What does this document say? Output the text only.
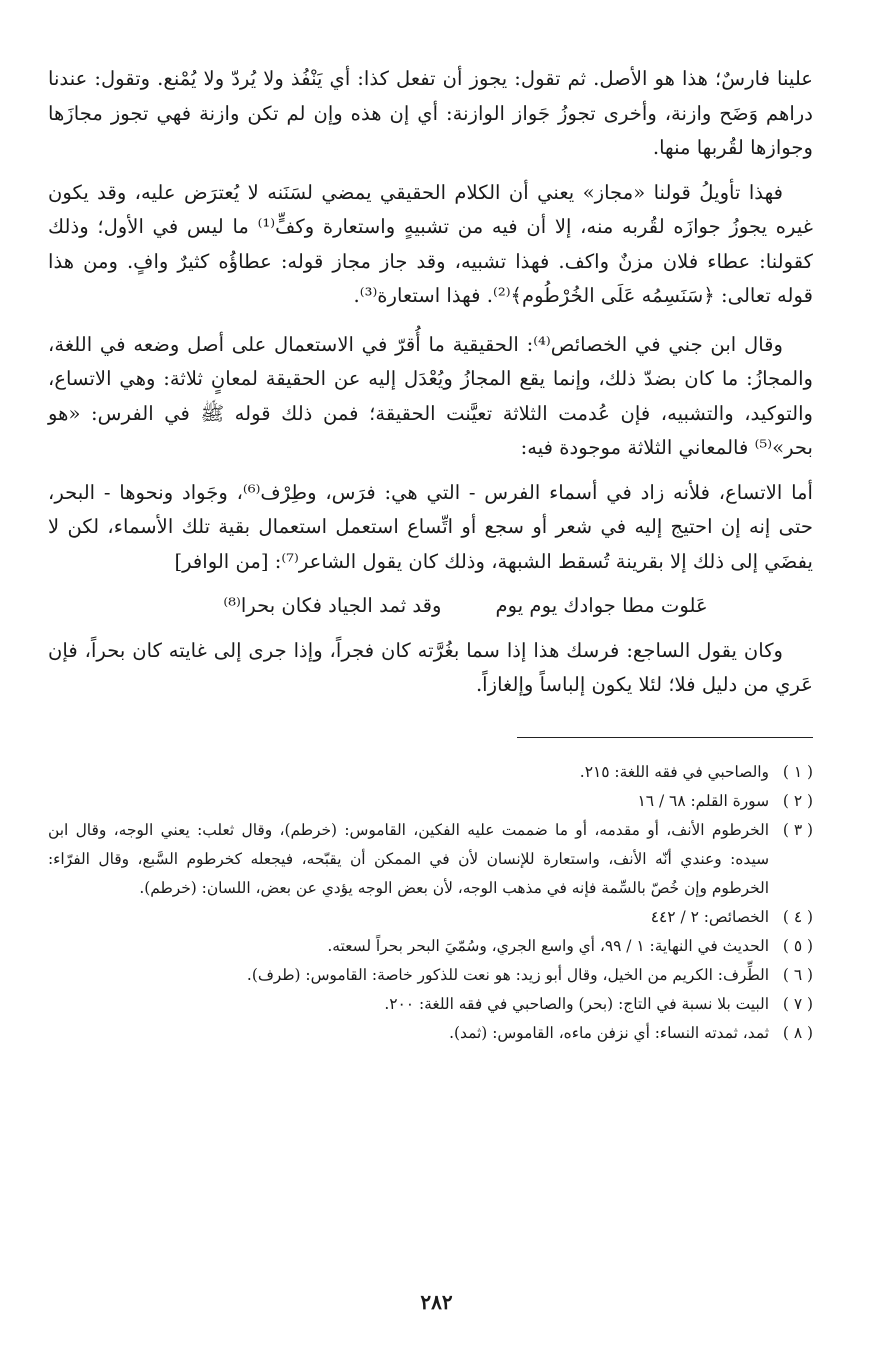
علينا فارسٌ؛ هذا هو الأصل. ثم تقول: يجوز أن تفعل كذا: أي يَنْفُذ ولا يُردّ ولا يُمْنع. وتقول: عندنا دراهم وَضَح وازنة، وأخرى تجوزُ جَواز الوازنة: أي إن هذه وإن لم تكن وازنة فهي تجوز مجازَها وجوازها لقُربها منها.

فهذا تأويلُ قولنا «مجاز» يعني أن الكلام الحقيقي يمضي لسَنَنه لا يُعترَض عليه، وقد يكون غيره يجوزُ جوازَه لقُربه منه، إلا أن فيه من تشبيهٍ واستعارة وكفٍّ⁽¹⁾ ما ليس في الأول؛ وذلك كقولنا: عطاء فلان مزنٌ واكف. فهذا تشبيه، وقد جاز مجاز قوله: عطاؤُه كثيرٌ وافٍ. ومن هذا قوله تعالى: ﴿سَنَسِمُه عَلَى الخُرْطُوم﴾⁽²⁾. فهذا استعارة⁽³⁾.

وقال ابن جني في الخصائص⁽⁴⁾: الحقيقية ما أُقرّ في الاستعمال على أصل وضعه في اللغة، والمجازُ: ما كان بضدّ ذلك، وإنما يقع المجازُ ويُعْدَل إليه عن الحقيقة لمعانٍ ثلاثة: وهي الاتساع، والتوكيد، والتشبيه، فإن عُدمت الثلاثة تعيَّنت الحقيقة؛ فمن ذلك قوله ﷺ في الفرس: «هو بحر»⁽⁵⁾ فالمعاني الثلاثة موجودة فيه:

أما الاتساع، فلأنه زاد في أسماء الفرس - التي هي: فرَس، وطِرْف⁽⁶⁾، وجَواد ونحوها - البحر، حتى إنه إن احتيج إليه في شعر أو سجع أو اتِّساع استعمل استعمال بقية تلك الأسماء، لكن لا يفضَي إلى ذلك إلا بقرينة تُسقط الشبهة، وذلك كان يقول الشاعر⁽⁷⁾: [من الوافر]

عَلوت مطا جوادك يوم يوم
وقد ثمد الجياد فكان بحرا⁽⁸⁾

وكان يقول الساجع: فرسك هذا إذا سما بغُرَّته كان فجراً، وإذا جرى إلى غايته كان بحراً، فإن عَري من دليل فلا؛ لئلا يكون إلباساً وإلغازاً.

( ١ )
والصاحبي في فقه اللغة: ٢١٥.
( ٢ )
سورة القلم: ٦٨ / ١٦
( ٣ )
الخرطوم الأنف، أو مقدمه، أو ما ضممت عليه الفكين، القاموس: (خرطم)، وقال ثعلب: يعني الوجه، وقال ابن سيده: وعندي أنّه الأنف، واستعارة للإنسان لأن في الممكن أن يقبّحه، فيجعله كخرطوم السَّبع، وقال الفرّاء: الخرطوم وإن خُصّ بالسِّمة فإنه في مذهب الوجه، لأن بعض الوجه يؤدي عن بعض، اللسان: (خرطم).
( ٤ )
الخصائص: ٢ / ٤٤٢
( ٥ )
الحديث في النهاية: ١ / ٩٩، أي واسع الجري، وسُمّيَ البحر بحراً لسعته.
( ٦ )
الطِّرف: الكريم من الخيل، وقال أبو زيد: هو نعت للذكور خاصة: القاموس: (طرف).
( ٧ )
البيت بلا نسبة في التاج: (بحر) والصاحبي في فقه اللغة: ٢٠٠.
( ٨ )
ثمد، ثمدته النساء: أي نزفن ماءه، القاموس: (ثمد).
٢٨٢
